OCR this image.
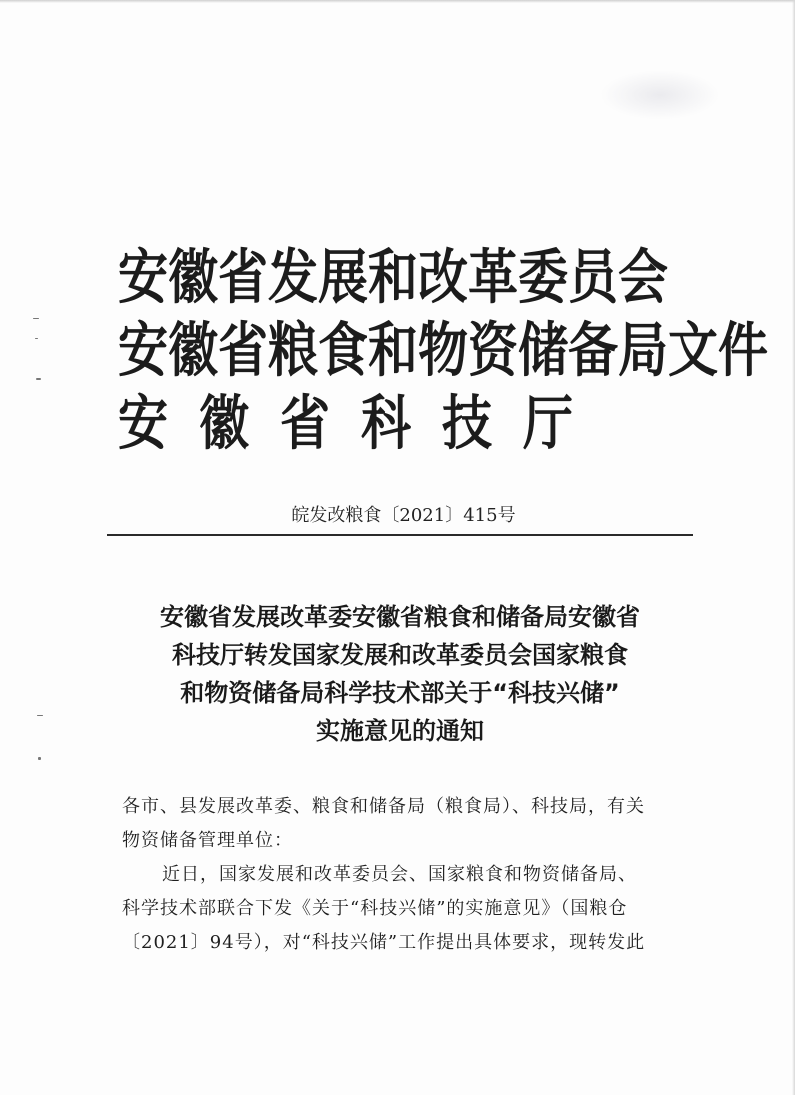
安徽省发展和改革委员会
安徽省粮食和物资储备局文件
安徽省科技厅
皖发改粮食〔2021〕415号
安徽省发展改革委安徽省粮食和储备局安徽省
科技厅转发国家发展和改革委员会国家粮食
和物资储备局科学技术部关于“科技兴储”
实施意见的通知
各市、县发展改革委、粮食和储备局（粮食局）、科技局，有关
物资储备管理单位：
近日，国家发展和改革委员会、国家粮食和物资储备局、
科学技术部联合下发《关于“科技兴储”的实施意见》（国粮仓
〔2021〕94号），对“科技兴储”工作提出具体要求，现转发此
